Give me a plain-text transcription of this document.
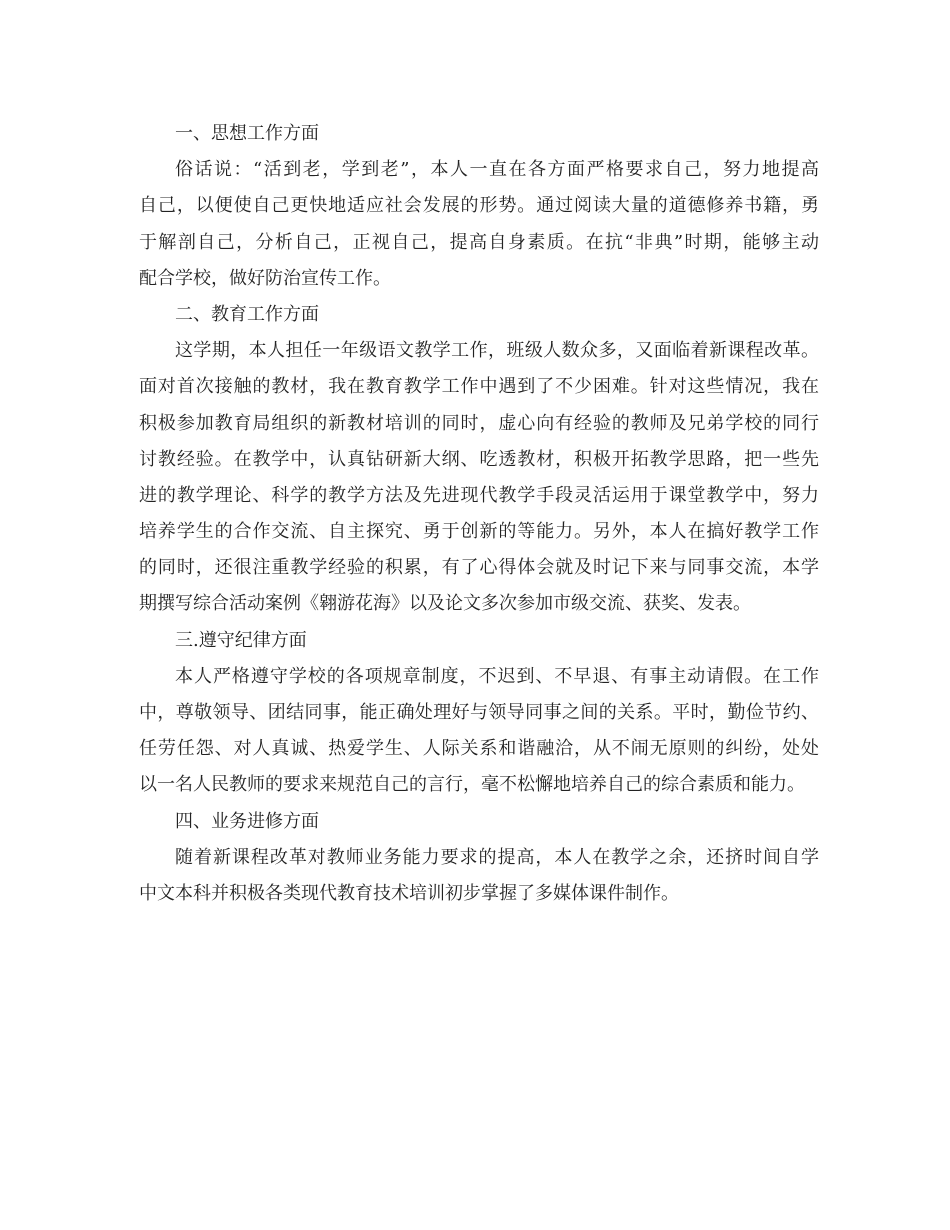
一、思想工作方面
俗话说：“活到老，学到老”，本人一直在各方面严格要求自己，努力地提高
自己，以便使自己更快地适应社会发展的形势。通过阅读大量的道德修养书籍，勇
于解剖自己，分析自己，正视自己，提高自身素质。在抗“非典”时期，能够主动
配合学校，做好防治宣传工作。
二、教育工作方面
这学期，本人担任一年级语文教学工作，班级人数众多，又面临着新课程改革。
面对首次接触的教材，我在教育教学工作中遇到了不少困难。针对这些情况，我在
积极参加教育局组织的新教材培训的同时，虚心向有经验的教师及兄弟学校的同行
讨教经验。在教学中，认真钻研新大纲、吃透教材，积极开拓教学思路，把一些先
进的教学理论、科学的教学方法及先进现代教学手段灵活运用于课堂教学中，努力
培养学生的合作交流、自主探究、勇于创新的等能力。另外，本人在搞好教学工作
的同时，还很注重教学经验的积累，有了心得体会就及时记下来与同事交流，本学
期撰写综合活动案例《翱游花海》以及论文多次参加市级交流、获奖、发表。
三.遵守纪律方面
本人严格遵守学校的各项规章制度，不迟到、不早退、有事主动请假。在工作
中，尊敬领导、团结同事，能正确处理好与领导同事之间的关系。平时，勤俭节约、
任劳任怨、对人真诚、热爱学生、人际关系和谐融洽，从不闹无原则的纠纷，处处
以一名人民教师的要求来规范自己的言行，毫不松懈地培养自己的综合素质和能力。
四、业务进修方面
随着新课程改革对教师业务能力要求的提高，本人在教学之余，还挤时间自学
中文本科并积极各类现代教育技术培训初步掌握了多媒体课件制作。
